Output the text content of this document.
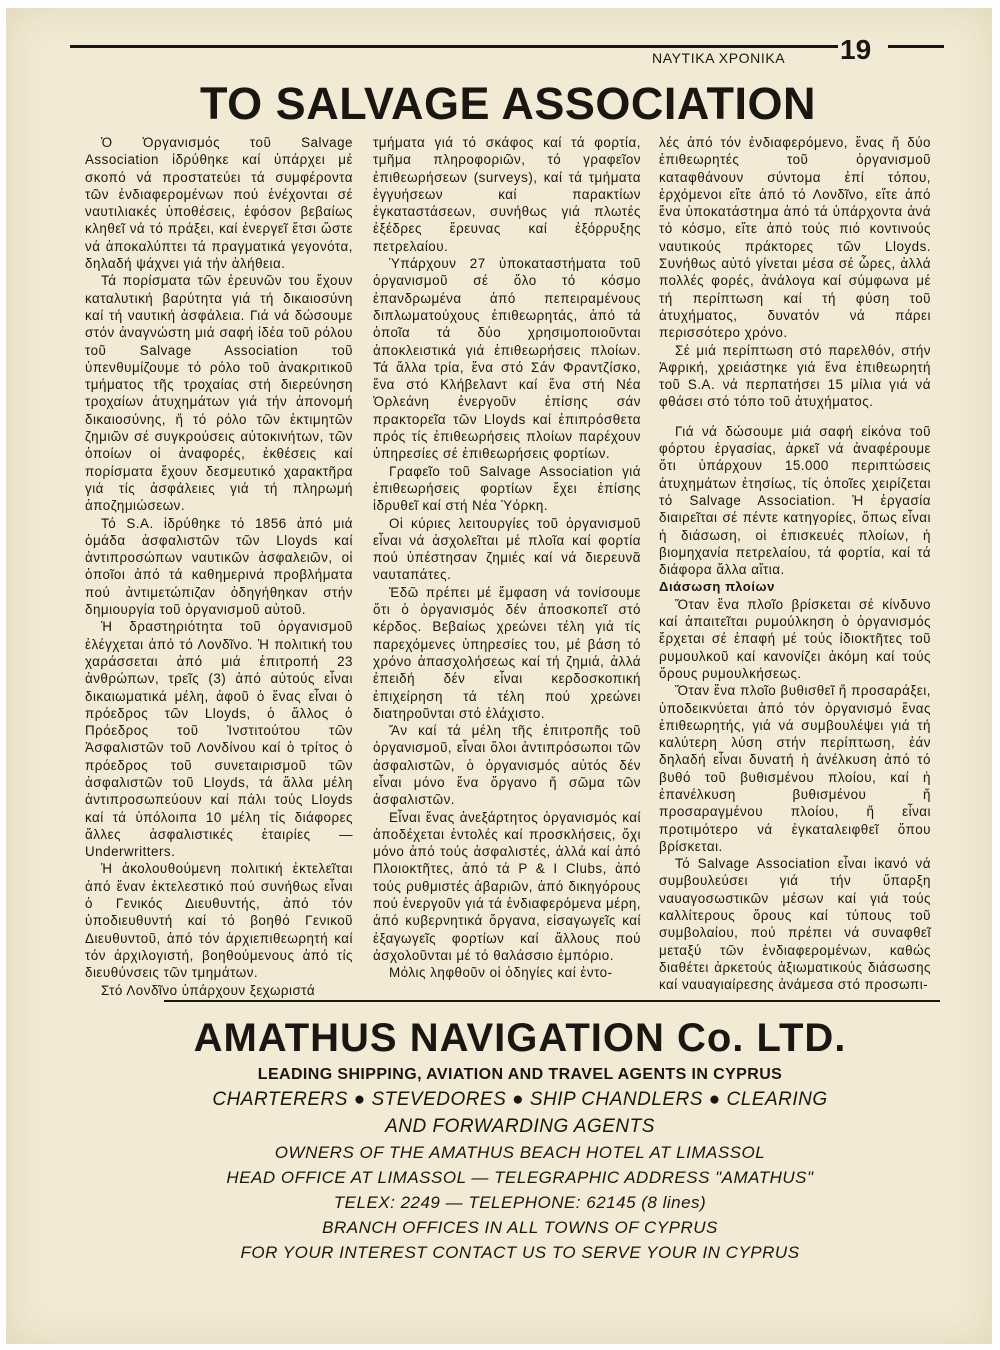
ΝΑΥΤΙΚΑ ΧΡΟΝΙΚΑ	19
TO SALVAGE ASSOCIATION

Ὁ Ὀργανισμός τοῦ Salvage Association ἱδρύθηκε καί ὑπάρχει μέ σκοπό νά προστατεύει τά συμφέροντα τῶν ἐνδιαφερομένων πού ἐνέχονται σέ ναυτιλιακές ὑποθέσεις, ἐφόσον βεβαίως κληθεῖ νά τό πράξει, καί ἐνεργεῖ ἔτσι ὥστε νά ἀποκαλύπτει τά πραγματικά γεγονότα, δηλαδή ψάχνει γιά τήν ἀλήθεια.

Τά πορίσματα τῶν ἐρευνῶν του ἔχουν καταλυτική βαρύτητα γιά τή δικαιοσύνη καί τή ναυτική ἀσφάλεια. Γιά νά δώσουμε στόν ἀναγνώστη μιά σαφή ἰδέα τοῦ ρόλου τοῦ Salvage Association τοῦ ὑπενθυμίζουμε τό ρόλο τοῦ ἀνακριτικοῦ τμήματος τῆς τροχαίας στή διερεύνηση τροχαίων ἀτυχημάτων γιά τήν ἀπονομή δικαιοσύνης, ἤ τό ρόλο τῶν ἐκτιμητῶν ζημιῶν σέ συγκρούσεις αὐτοκινήτων, τῶν ὁποίων οἱ ἀναφορές, ἐκθέσεις καί πορίσματα ἔχουν δεσμευτικό χαρακτῆρα γιά τίς ἀσφάλειες γιά τή πληρωμή ἀποζημιώσεων.

Τό S.A. ἱδρύθηκε τό 1856 ἀπό μιά ὁμάδα ἀσφαλιστῶν τῶν Lloyds καί ἀντιπροσώπων ναυτικῶν ἀσφαλειῶν, οἱ ὁποῖοι ἀπό τά καθημερινά προβλήματα πού ἀντιμετώπιζαν ὁδηγήθηκαν στήν δημιουργία τοῦ ὀργανισμοῦ αὐτοῦ.

Ἡ δραστηριότητα τοῦ ὀργανισμοῦ ἐλέγχεται ἀπό τό Λονδῖνο. Ἡ πολιτική του χαράσσεται ἀπό μιά ἐπιτροπή 23 ἀνθρώπων, τρεῖς (3) ἀπό αὐτούς εἶναι δικαιωματικά μέλη, ἀφοῦ ὁ ἕνας εἶναι ὁ πρόεδρος τῶν Lloyds, ὁ ἄλλος ὁ Πρόεδρος τοῦ Ἰνστιτούτου τῶν Ἀσφαλιστῶν τοῦ Λονδίνου καί ὁ τρίτος ὁ πρόεδρος τοῦ συνεταιρισμοῦ τῶν ἀσφαλιστῶν τοῦ Lloyds, τά ἄλλα μέλη ἀντιπροσωπεύουν καί πάλι τούς Lloyds καί τά ὑπόλοιπα 10 μέλη τίς διάφορες ἄλλες ἀσφαλιστικές ἑταιρίες — Underwritters.

Ἡ ἀκολουθούμενη πολιτική ἐκτελεῖται ἀπό ἕναν ἐκτελεστικό πού συνήθως εἶναι ὁ Γενικός Διευθυντής, ἀπό τόν ὑποδιευθυντή καί τό βοηθό Γενικοῦ Διευθυντοῦ, ἀπό τόν ἀρχιεπιθεωρητή καί τόν ἀρχιλογιστή, βοηθούμενους ἀπό τίς διευθύνσεις τῶν τμημάτων.

Στό Λονδῖνο ὑπάρχουν ξεχωριστά

τμήματα γιά τό σκάφος καί τά φορτία, τμῆμα πληροφοριῶν, τό γραφεῖον ἐπιθεωρήσεων (surveys), καί τά τμήματα ἐγγυήσεων καί παρακτίων ἐγκαταστάσεων, συνήθως γιά πλωτές ἐξέδρες ἔρευνας καί ἐξόρρυξης πετρελαίου.

Ὑπάρχουν 27 ὑποκαταστήματα τοῦ ὀργανισμοῦ σέ ὅλο τό κόσμο ἐπανδρωμένα ἀπό πεπειραμένους διπλωματούχους ἐπιθεωρητάς, ἀπό τά ὁποῖα τά δύο χρησιμοποιοῦνται ἀποκλειστικά γιά ἐπιθεωρήσεις πλοίων. Τά ἄλλα τρία, ἕνα στό Σάν Φραντζίσκο, ἕνα στό Κλήβελαντ καί ἕνα στή Νέα Ὀρλεάνη ἐνεργοῦν ἐπίσης σάν πρακτορεῖα τῶν Lloyds καί ἐπιπρόσθετα πρός τίς ἐπιθεωρήσεις πλοίων παρέχουν ὑπηρεσίες σέ ἐπιθεωρήσεις φορτίων.

Γραφεῖο τοῦ Salvage Association γιά ἐπιθεωρήσεις φορτίων ἔχει ἐπίσης ἱδρυθεῖ καί στή Νέα Ὑόρκη.

Οἱ κύριες λειτουργίες τοῦ ὀργανισμοῦ εἶναι νά ἀσχολεῖται μέ πλοῖα καί φορτία πού ὑπέστησαν ζημιές καί νά διερευνᾶ ναυταπάτες.

Ἐδῶ πρέπει μέ ἔμφαση νά τονίσουμε ὅτι ὁ ὀργανισμός δέν ἀποσκοπεῖ στό κέρδος. Βεβαίως χρεώνει τέλη γιά τίς παρεχόμενες ὑπηρεσίες του, μέ βάση τό χρόνο ἀπασχολήσεως καί τή ζημιά, ἀλλά ἐπειδή δέν εἶναι κερδοσκοπική ἐπιχείρηση τά τέλη πού χρεώνει διατηροῦνται στό ἐλάχιστο.

Ἄν καί τά μέλη τῆς ἐπιτροπῆς τοῦ ὀργανισμοῦ, εἶναι ὅλοι ἀντιπρόσωποι τῶν ἀσφαλιστῶν, ὁ ὀργανισμός αὐτός δέν εἶναι μόνο ἕνα ὄργανο ἤ σῶμα τῶν ἀσφαλιστῶν.

Εἶναι ἕνας ἀνεξάρτητος ὀργανισμός καί ἀποδέχεται ἐντολές καί προσκλήσεις, ὄχι μόνο ἀπό τούς ἀσφαλιστές, ἀλλά καί ἀπό Πλοιοκτῆτες, ἀπό τά P & I Clubs, ἀπό τούς ρυθμιστές ἀβαριῶν, ἀπό δικηγόρους πού ἐνεργοῦν γιά τά ἐνδιαφερόμενα μέρη, ἀπό κυβερνητικά ὄργανα, εἰσαγωγεῖς καί ἐξαγωγεῖς φορτίων καί ἄλλους πού ἀσχολοῦνται μέ τό θαλάσσιο ἐμπόριο.

Μόλις ληφθοῦν οἱ ὁδηγίες καί ἐντο-

λές ἀπό τόν ἐνδιαφερόμενο, ἕνας ἤ δύο ἐπιθεωρητές τοῦ ὀργανισμοῦ καταφθάνουν σύντομα ἐπί τόπου, ἐρχόμενοι εἴτε ἀπό τό Λονδῖνο, εἴτε ἀπό ἕνα ὑποκατάστημα ἀπό τά ὑπάρχοντα ἀνά τό κόσμο, εἴτε ἀπό τούς πιό κοντινούς ναυτικούς πράκτορες τῶν Lloyds. Συνήθως αὐτό γίνεται μέσα σέ ὧρες, ἀλλά πολλές φορές, ἀνάλογα καί σύμφωνα μέ τή περίπτωση καί τή φύση τοῦ ἀτυχήματος, δυνατόν νά πάρει περισσότερο χρόνο.

Σέ μιά περίπτωση στό παρελθόν, στήν Ἀφρική, χρειάστηκε γιά ἕνα ἐπιθεωρητή τοῦ S.A. νά περπατήσει 15 μίλια γιά νά φθάσει στό τόπο τοῦ ἀτυχήματος.

Γιά νά δώσουμε μιά σαφή εἰκόνα τοῦ φόρτου ἐργασίας, ἀρκεῖ νά ἀναφέρουμε ὅτι ὑπάρχουν 15.000 περιπτώσεις ἀτυχημάτων ἐτησίως, τίς ὁποῖες χειρίζεται τό Salvage Association. Ἡ ἐργασία διαιρεῖται σέ πέντε κατηγορίες, ὅπως εἶναι ἡ διάσωση, οἱ ἐπισκευές πλοίων, ἡ βιομηχανία πετρελαίου, τά φορτία, καί τά διάφορα ἄλλα αἴτια.

Διάσωση πλοίων

Ὅταν ἕνα πλοῖο βρίσκεται σέ κίνδυνο καί ἀπαιτεῖται ρυμούλκηση ὁ ὀργανισμός ἔρχεται σέ ἐπαφή μέ τούς ἰδιοκτῆτες τοῦ ρυμουλκοῦ καί κανονίζει ἀκόμη καί τούς ὅρους ρυμουλκήσεως.

Ὅταν ἕνα πλοῖο βυθισθεῖ ἤ προσαράξει, ὑποδεικνύεται ἀπό τόν ὀργανισμό ἕνας ἐπιθεωρητής, γιά νά συμβουλέψει γιά τή καλύτερη λύση στήν περίπτωση, ἐάν δηλαδή εἶναι δυνατή ἡ ἀνέλκυση ἀπό τό βυθό τοῦ βυθισμένου πλοίου, καί ἡ ἐπανέλκυση βυθισμένου ἤ προσαραγμένου πλοίου, ἤ εἶναι προτιμότερο νά ἐγκαταλειφθεῖ ὅπου βρίσκεται.

Τό Salvage Association εἶναι ἱκανό νά συμβουλεύσει γιά τήν ὕπαρξη ναυαγοσωστικῶν μέσων καί γιά τούς καλλίτερους ὅρους καί τύπους τοῦ συμβολαίου, πού πρέπει νά συναφθεῖ μεταξύ τῶν ἐνδιαφερομένων, καθώς διαθέτει ἀρκετούς ἀξιωματικούς διάσωσης καί ναυαγιαίρεσης ἀνάμεσα στό προσωπι-

AMATHUS NAVIGATION Co. LTD.
LEADING SHIPPING, AVIATION AND TRAVEL AGENTS IN CYPRUS
CHARTERERS ● STEVEDORES ● SHIP CHANDLERS ● CLEARING
AND FORWARDING AGENTS
OWNERS OF THE AMATHUS BEACH HOTEL AT LIMASSOL
HEAD OFFICE AT LIMASSOL — TELEGRAPHIC ADDRESS "AMATHUS"
TELEX: 2249 — TELEPHONE: 62145 (8 lines)
BRANCH OFFICES IN ALL TOWNS OF CYPRUS
FOR YOUR INTEREST CONTACT US TO SERVE YOUR IN CYPRUS
